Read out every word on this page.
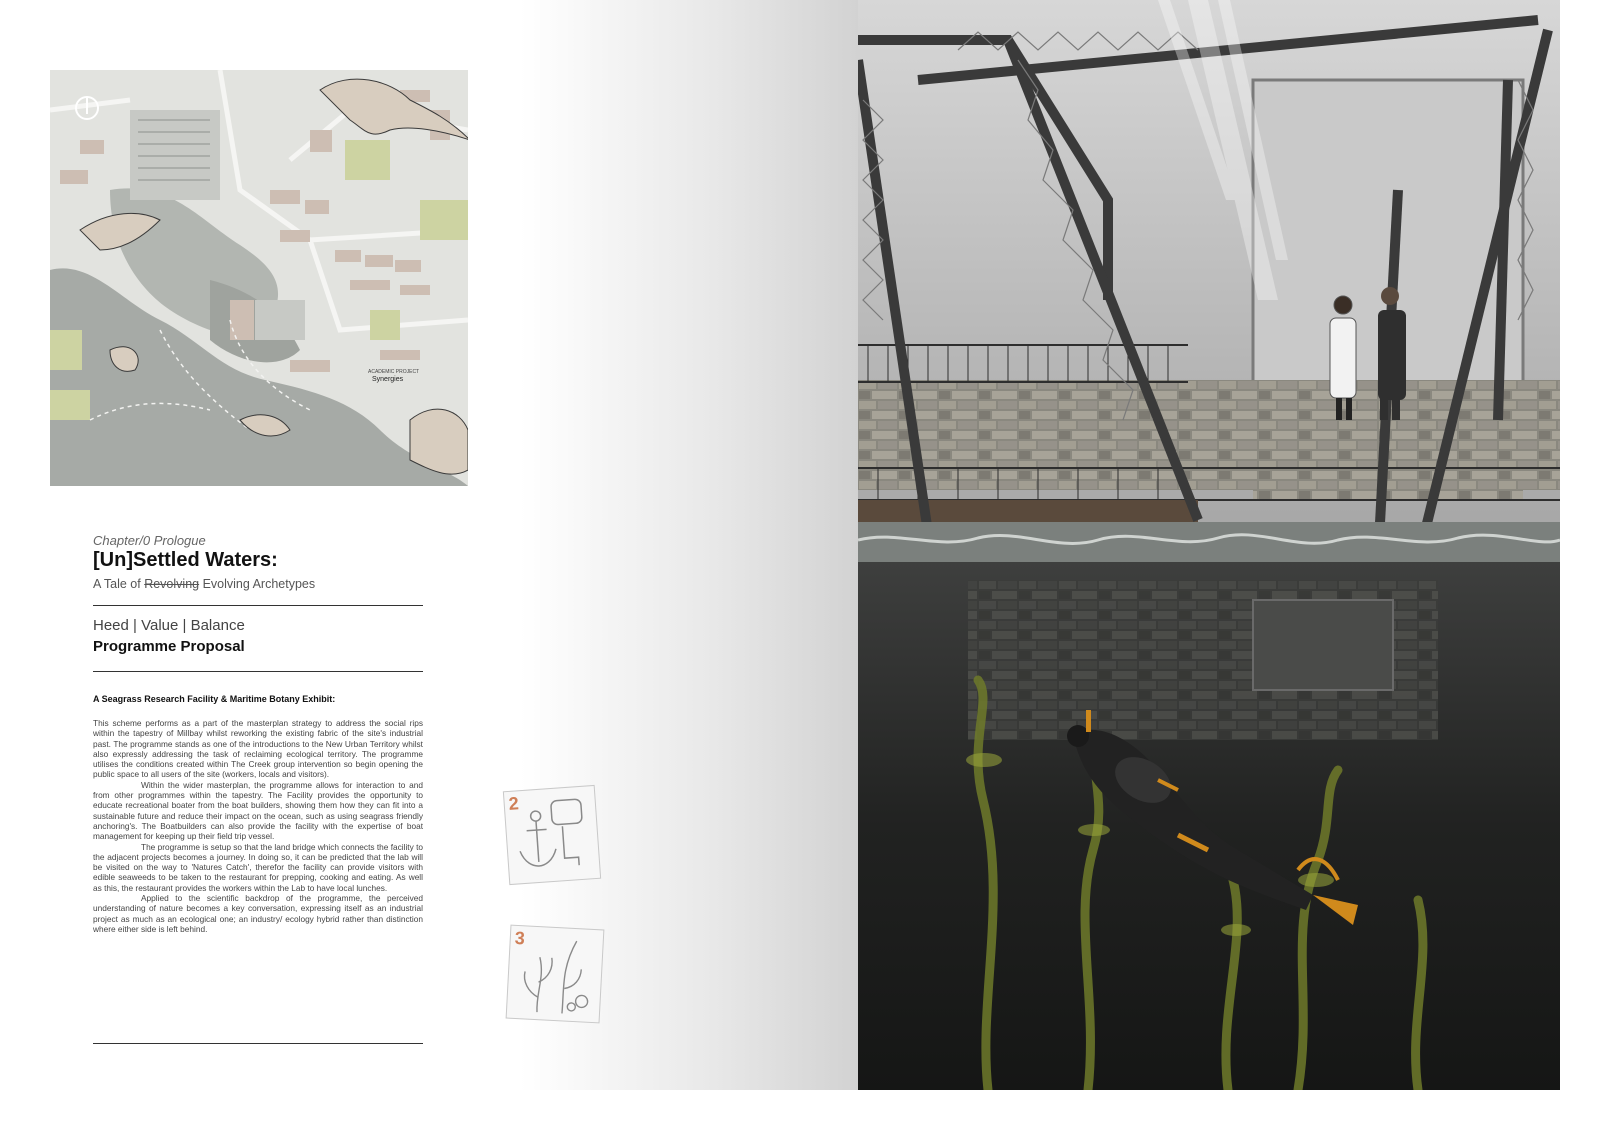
ACADEMIC PROJECT
Synergies
Chapter/0 Prologue
[Un]Settled Waters:
A Tale of Revolving Evolving Archetypes
Heed | Value | Balance
Programme Proposal
A Seagrass Research Facility & Maritime Botany Exhibit:

This scheme performs as a part of the masterplan strategy to address the social rips within the tapestry of Millbay whilst reworking the existing fabric of the site's industrial past. The programme stands as one of the introductions to the New Urban Territory whilst also expressly addressing the task of reclaiming ecological territory. The programme utilises the conditions created within The Creek group intervention so begin opening the public space to all users of the site (workers, locals and visitors).

Within the wider masterplan, the programme allows for interaction to and from other programmes within the tapestry. The Facility provides the opportunity to educate recreational boater from the boat builders, showing them how they can fit into a sustainable future and reduce their impact on the ocean, such as using seagrass friendly anchoring's. The Boatbuilders can also provide the facility with the expertise of boat management for keeping up their field trip vessel.

The programme is setup so that the land bridge which connects the facility to the adjacent projects becomes a journey. In doing so, it can be predicted that the lab will be visited on the way to 'Natures Catch', therefor the facility can provide visitors with edible seaweeds to be taken to the restaurant for prepping, cooking and eating. As well as this, the restaurant provides the workers within the Lab to have local lunches.

Applied to the scientific backdrop of the programme, the perceived understanding of nature becomes a key conversation, expressing itself as an industrial project as much as an ecological one; an industry/ ecology hybrid rather than distinction where either side is left behind.

2
3
